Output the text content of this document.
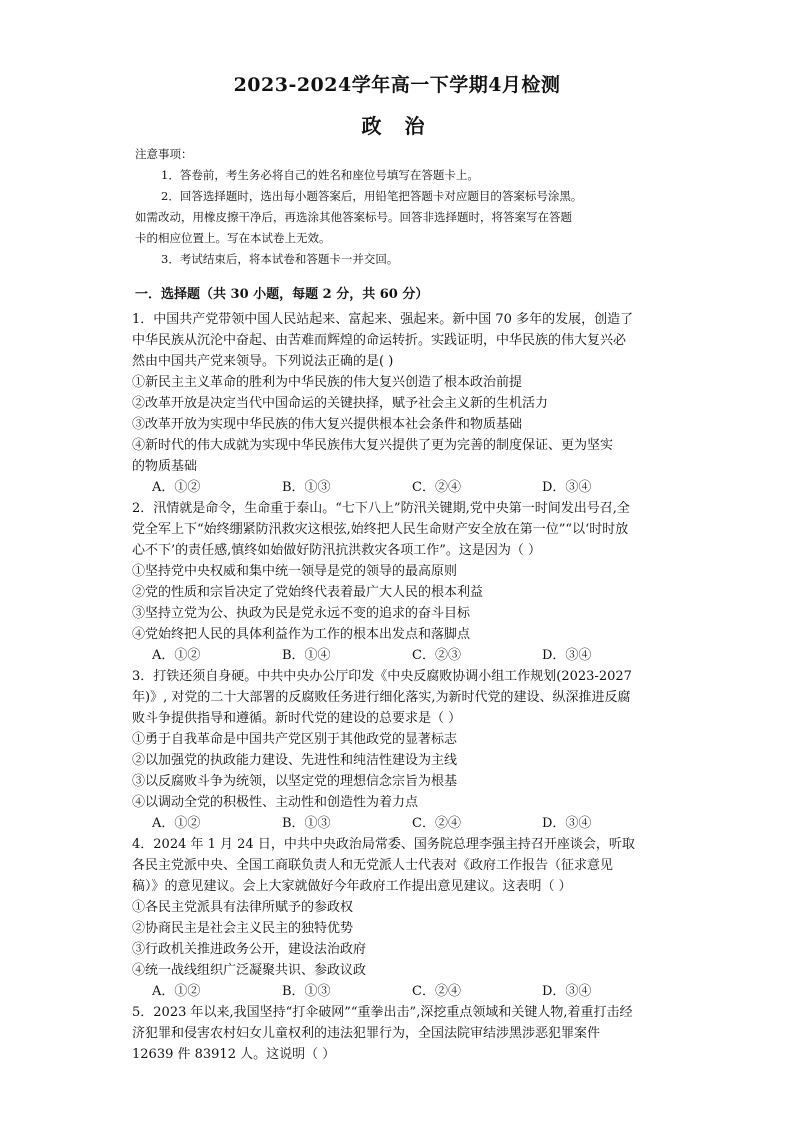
2023-2024学年高一下学期4月检测
政 治
注意事项：
1．答卷前，考生务必将自己的姓名和座位号填写在答题卡上。
2．回答选择题时，选出每小题答案后，用铅笔把答题卡对应题目的答案标号涂黑。
如需改动，用橡皮擦干净后，再选涂其他答案标号。回答非选择题时，将答案写在答题
卡的相应位置上。写在本试卷上无效。
3．考试结束后，将本试卷和答题卡一并交回。
一．选择题（共 30 小题，每题 2 分，共 60 分）
1．中国共产党带领中国人民站起来、富起来、强起来。新中国 70 多年的发展，创造了
中华民族从沉沦中奋起、由苦难而辉煌的命运转折。实践证明，中华民族的伟大复兴必
然由中国共产党来领导。下列说法正确的是( )
①新民主主义革命的胜利为中华民族的伟大复兴创造了根本政治前提
②改革开放是决定当代中国命运的关键抉择，赋予社会主义新的生机活力
③改革开放为实现中华民族的伟大复兴提供根本社会条件和物质基础
④新时代的伟大成就为实现中华民族伟大复兴提供了更为完善的制度保证、更为坚实
的物质基础
A．①②	B．①③	C．②④	D．③④
2．汛情就是命令，生命重于泰山。“七下八上”防汛关键期,党中央第一时间发出号召,全
党全军上下“始终绷紧防汛救灾这根弦,始终把人民生命财产安全放在第一位”“以‘时时放
心不下’的责任感,慎终如始做好防汛抗洪救灾各项工作”。这是因为（ ）
①坚持党中央权威和集中统一领导是党的领导的最高原则
②党的性质和宗旨决定了党始终代表着最广大人民的根本利益
③坚持立党为公、执政为民是党永远不变的追求的奋斗目标
④党始终把人民的具体利益作为工作的根本出发点和落脚点
A．①②	B．①④	C．②③	D．③④
3．打铁还须自身硬。中共中央办公厅印发《中央反腐败协调小组工作规划(2023-2027
年)》, 对党的二十大部署的反腐败任务进行细化落实,为新时代党的建设、纵深推进反腐
败斗争提供指导和遵循。新时代党的建设的总要求是（ ）
①勇于自我革命是中国共产党区别于其他政党的显著标志
②以加强党的执政能力建设、先进性和纯洁性建设为主线
③以反腐败斗争为统领，以坚定党的理想信念宗旨为根基
④以调动全党的积极性、主动性和创造性为着力点
A．①②	B．①③	C．②④	D．③④
4．2024 年 1 月 24 日，中共中央政治局常委、国务院总理李强主持召开座谈会，听取
各民主党派中央、全国工商联负责人和无党派人士代表对《政府工作报告（征求意见
稿）》的意见建议。会上大家就做好今年政府工作提出意见建议。这表明（ ）
①各民主党派具有法律所赋予的参政权
②协商民主是社会主义民主的独特优势
③行政机关推进政务公开，建设法治政府
④统一战线组织广泛凝聚共识、参政议政
A．①②	B．①③	C．②④	D．③④
5．2023 年以来,我国坚持“打伞破网”“重拳出击”,深挖重点领域和关键人物,着重打击经
济犯罪和侵害农村妇女儿童权利的违法犯罪行为，全国法院审结涉黑涉恶犯罪案件
12639 件 83912 人。这说明（ ）
